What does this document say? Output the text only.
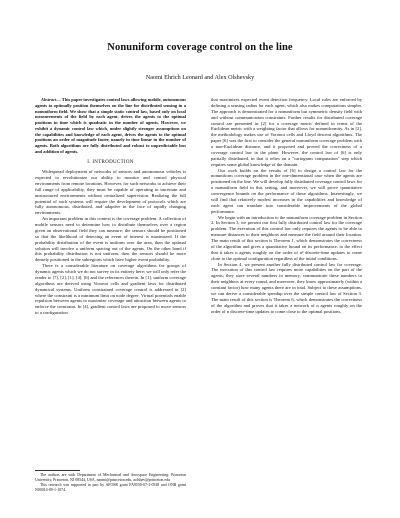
Nonuniform coverage control on the line
Naomi Ehrich Leonard and Alex Olshevsky

Abstract— This paper investigates control laws allowing mobile, autonomous agents to optimally position themselves on the line for distributed sensing in a nonuniform field. We show that a simple static control law, based only on local measurements of the field by each agent, drives the agents to the optimal positions in time which is quadratic in the number of agents. However, we exhibit a dynamic control law which, under slightly stronger assumptions on the capabilities and knowledge of each agent, drives the agents to the optimal positions an order of magnitude faster, namely in time linear in the number of agents. Both algorithms are fully distributed and robust to unpredictable loss and addition of agents.

I. INTRODUCTION

Widespread deployment of networks of sensors and autonomous vehicles is expected to revolutionize our ability to monitor and control physical environments from remote locations. However, for such networks to achieve their full range of applicability, they must be capable of operating in uncertain and unstructured environments without centralized supervision. Realizing the full potential of such systems will require the development of protocols which are fully autonomous, distributed, and adaptive in the face of rapidly changing environments.

An important problem in this context is the coverage problem. A collection of mobile sensors need to determine how to distribute themselves over a region given an observational field they can measure; the sensors should be positioned so that the likelihood of detecting an event of interest is maximized. If the probability distribution of the event is uniform over the area, then the optimal solution will involve a uniform spacing out of the agents. On the other hand if this probability distribution is not uniform, then the sensors should be more densely positioned in the subregions which have higher event probability.

There is a considerable literature on coverage algorithms for groups of dynamic agents which we do not survey in its entirety here; we will only refer the reader to [7], [2], [1], [4], [6] and the references therein. In [1], uniform coverage algorithms are derived using Voronoi cells and gradient laws for distributed dynamical systems. Uniform constrained coverage control is addressed in [2] where the constraint is a minimum limit on node degree. Virtual potentials enable repulsion between agents to maximize coverage and attraction between agents to enforce the constraint. In [4], gradient control laws are proposed to move sensors to a configuration

The authors are with Department of Mechanical and Aerospace Engineering, Princeton University, Princeton, NJ 08544, USA, naomi@princeton.edu, aolshev@princeton.edu

This research was supported in part by AFOSR grant FA9550-07-1-0528 and ONR grant N00014-09-1-1074.

that maximizes expected event detection frequency. Local rules are enforced by defining a sensing radius for each agent, which also makes computations simpler. The approach is demonstrated for a nonuniform but symmetric density field with and without communication constraints. Further results for distributed coverage control are presented in [2] for a coverage metric defined in terms of the Euclidean metric with a weighting factor that allows for nonuniformity. As in [2], the methodology makes use of Voronoi cells and Lloyd descent algorithms. The paper [6] was the first to consider the general nonuniform coverage problem with a non-Euclidean distance, and it proposed and proved the correctness of a coverage control law in the plane. However, the control law of [6] is only partially distributed, in that it relies on a "cartogram computation" step which requires some global knowledge of the domain.

Our work builds on the results of [6] to design a control law for the nonuniform coverage problem in the one-dimensional case when the agents are positioned on the line. We will develop fully distributed coverage control laws for a nonuniform field in this setting, and moreover, we will prove quantitative convergence bounds on the performance of these algorithms. Interestingly, we will find that relatively modest increases in the capabilities and knowledge of each agent can translate into considerable improvements of the global performance.

We begin with an introduction to the nonuniform coverage problem in Section 2. In Section 3, we present our first fully distributed control law for the coverage problem. The execution of this control law only requires the agents to be able to measure distances to their neighbors and measure the field around their location. The main result of this section is Theorem 1, which demonstrates the correctness of the algorithm and gives a quantitative bound on its performance, to the effect that it takes n agents roughly on the order of n² discrete-time updates to come close to the optimal configuration regardless of the initial conditions.

In Section 4, we present another fully distributed control law for coverage. The execution of this control law requires more capabilities on the part of the agents; they store several numbers in memory, communicate these numbers to their neighbors at every round, and moreover, they know approximately (within a constant factor) how many agents there are in total. Subject to these assumptions, we can derive a considerable speedup over the simple control law of Section 3. The main result of this section is Theorem 6, which demonstrates the correctness of the algorithm and proves that it takes a network of n agents roughly on the order of n discrete-time updates to come close to the optimal positions.
